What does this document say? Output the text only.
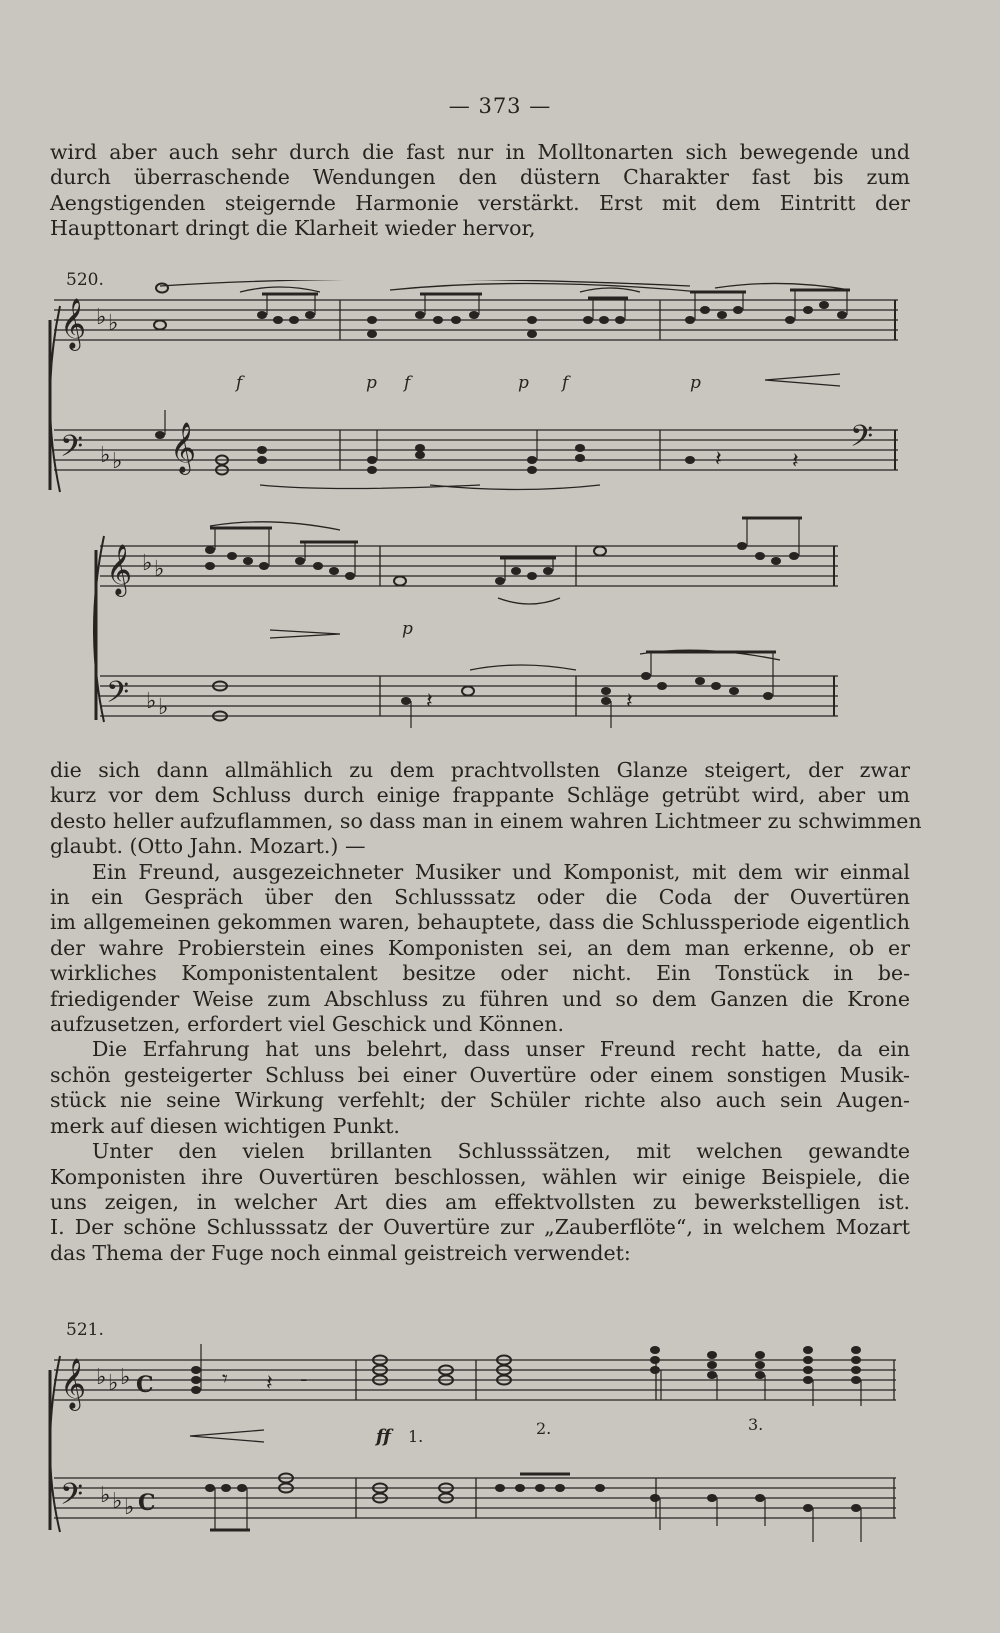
— 373 —
wird aber auch sehr durch die fast nur in Molltonarten sich bewegende und
durch überraschende Wendungen den düstern Charakter fast bis zum
Aengstigenden steigernde Harmonie verstärkt. Erst mit dem Eintritt der
Haupttonart dringt die Klarheit wieder hervor,
520.
𝄞 ♭ ♭
𝄢 ♭ ♭ 𝄞	𝄢
f	p f	p f	p
𝄽
𝄽
𝄞 ♭ ♭
𝄢 ♭ ♭
p
𝄽	𝄽
die sich dann allmählich zu dem prachtvollsten Glanze steigert, der zwar
kurz vor dem Schluss durch einige frappante Schläge getrübt wird, aber um
desto heller aufzuflammen, so dass man in einem wahren Lichtmeer zu schwimmen
glaubt. (Otto Jahn. Mozart.) —
Ein Freund, ausgezeichneter Musiker und Komponist, mit dem wir einmal
in ein Gespräch über den Schlusssatz oder die Coda der Ouvertüren
im allgemeinen gekommen waren, behauptete, dass die Schlussperiode eigentlich
der wahre Probierstein eines Komponisten sei, an dem man erkenne, ob er
wirkliches Komponistentalent besitze oder nicht. Ein Tonstück in be-
friedigender Weise zum Abschluss zu führen und so dem Ganzen die Krone
aufzusetzen, erfordert viel Geschick und Können.
Die Erfahrung hat uns belehrt, dass unser Freund recht hatte, da ein
schön gesteigerter Schluss bei einer Ouvertüre oder einem sonstigen Musik-
stück nie seine Wirkung verfehlt; der Schüler richte also auch sein Augen-
merk auf diesen wichtigen Punkt.
Unter den vielen brillanten Schlusssätzen, mit welchen gewandte
Komponisten ihre Ouvertüren beschlossen, wählen wir einige Beispiele, die
uns zeigen, in welcher Art dies am effektvollsten zu bewerkstelligen ist.
I. Der schöne Schlusssatz der Ouvertüre zur „Zauberflöte“, in welchem Mozart
das Thema der Fuge noch einmal geistreich verwendet:
521.
𝄞 ♭ ♭ ♭ C
𝄢 ♭ ♭ ♭ C
𝄾 𝄽 -
ff 1.	2.	3.
